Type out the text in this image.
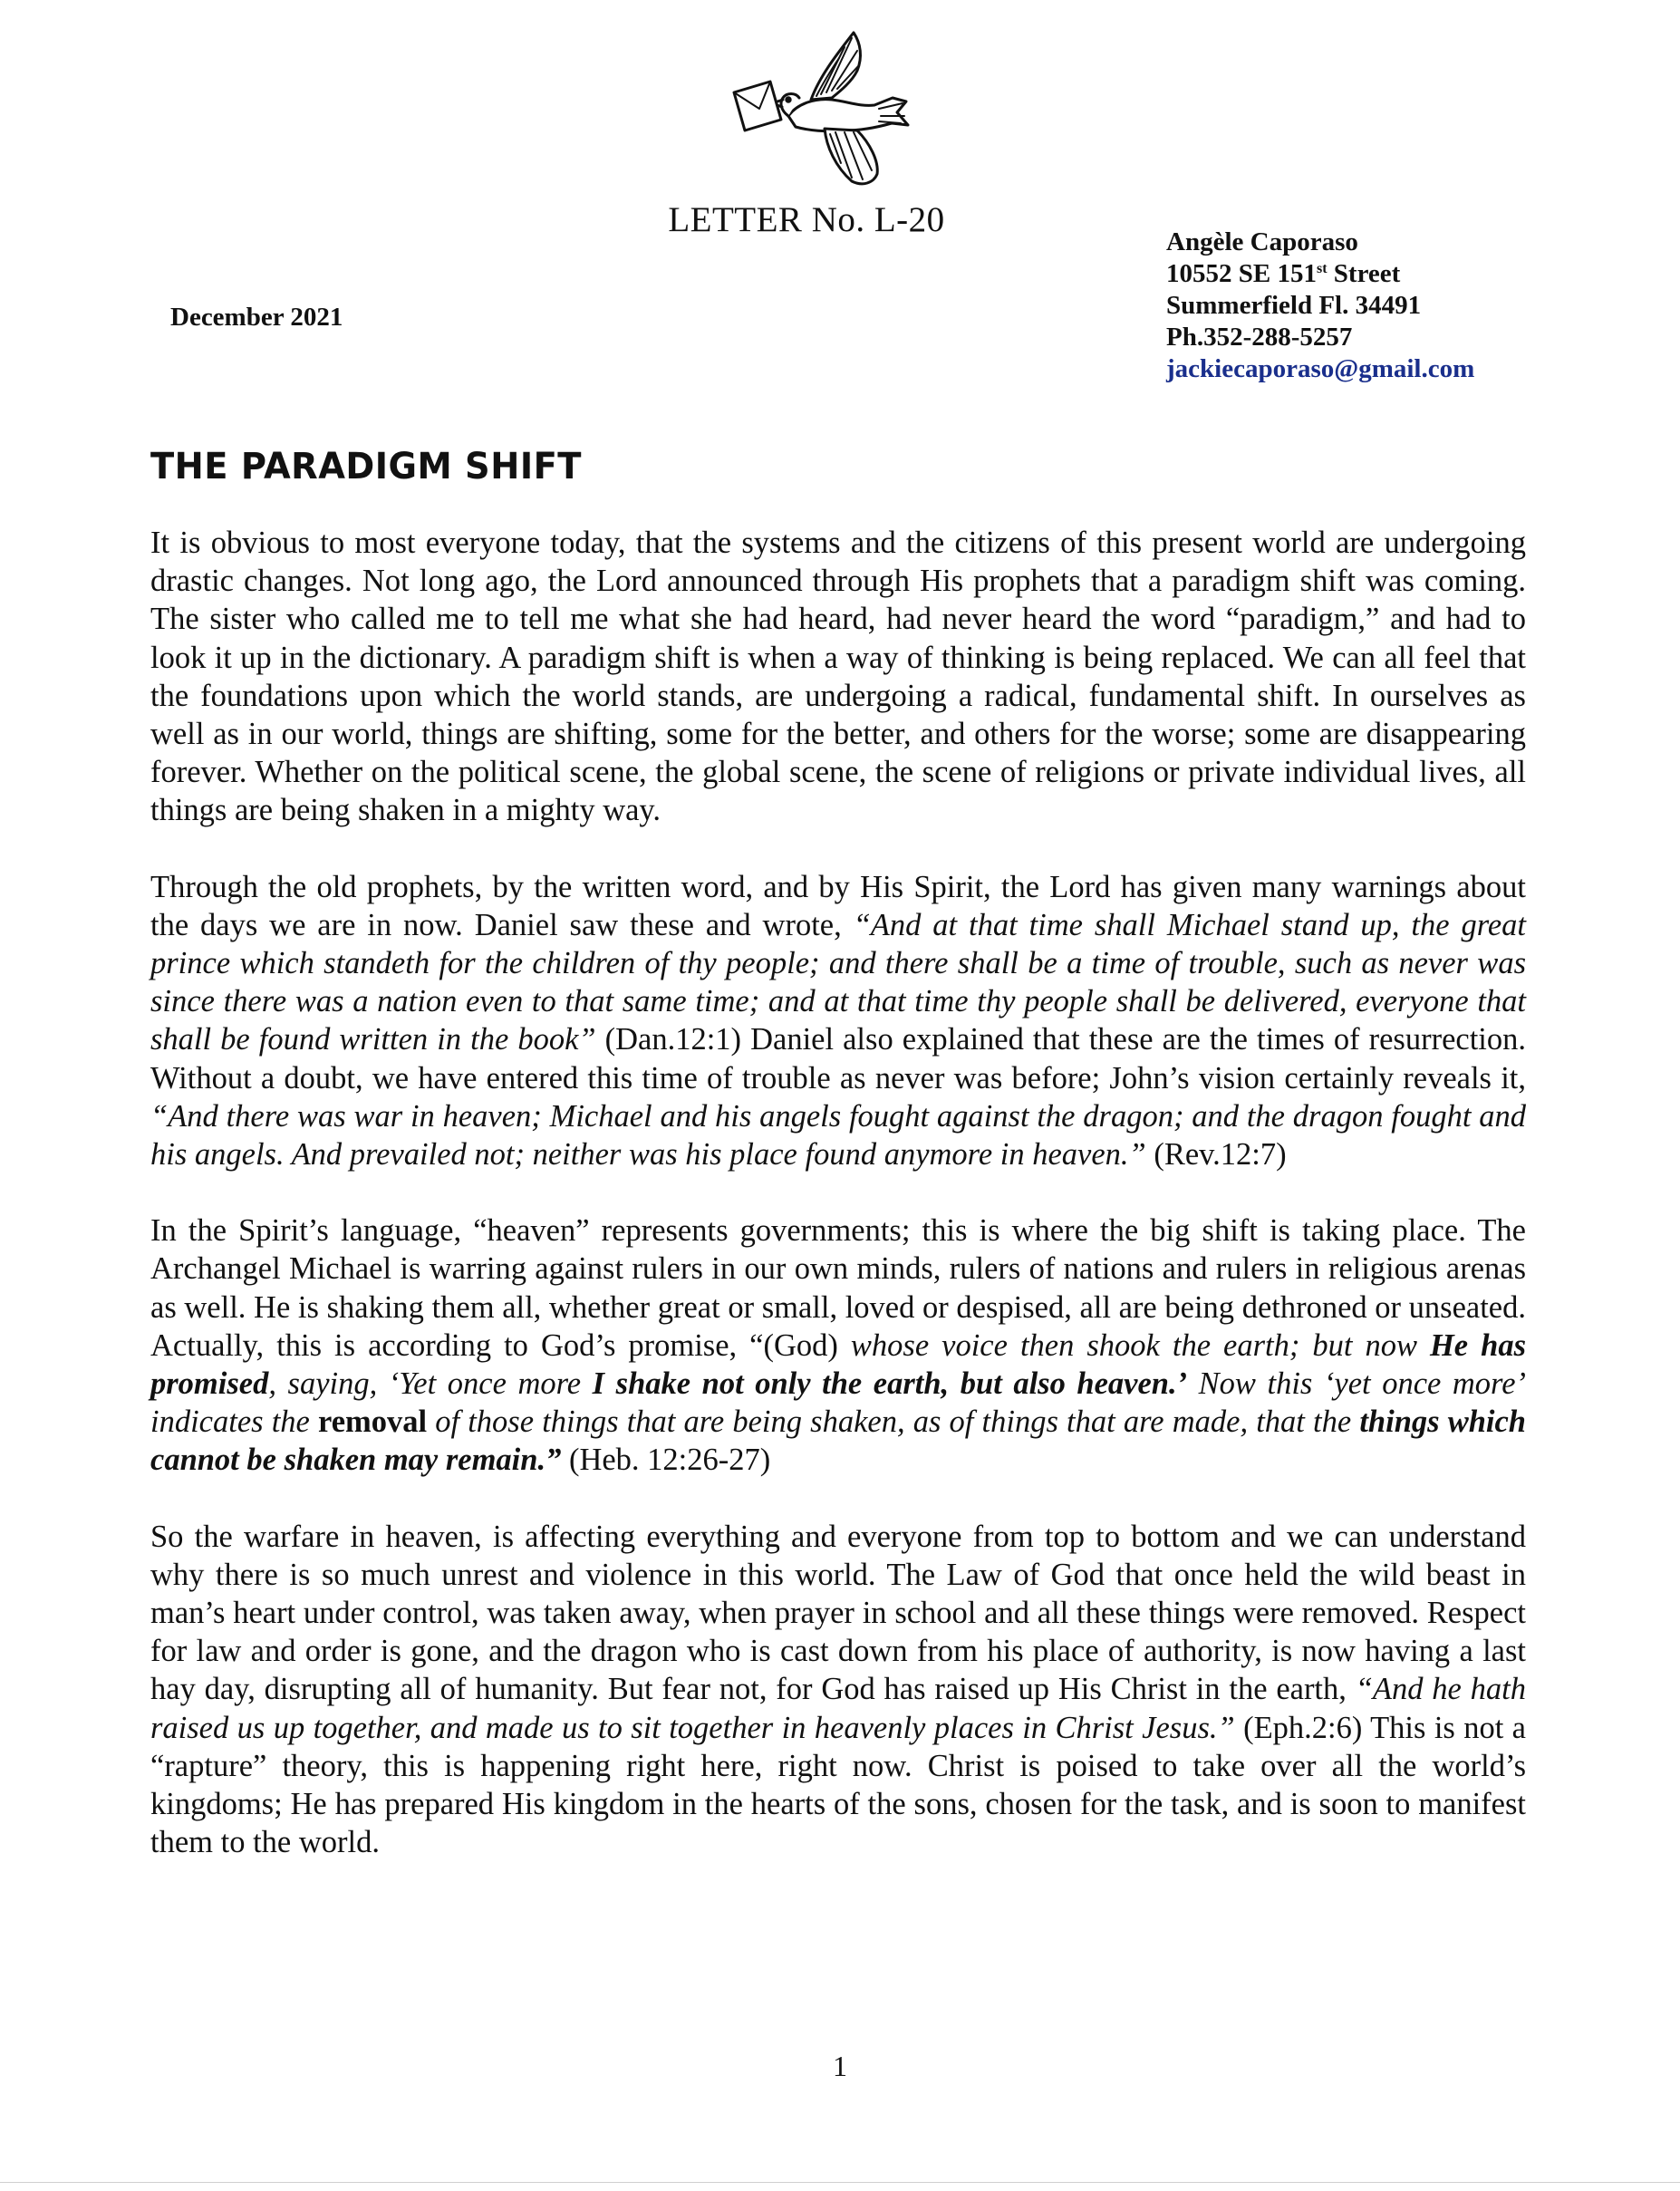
LETTER No. L-20
December 2021
Angèle Caporaso
10552 SE 151st Street
Summerfield Fl. 34491
Ph.352-288-5257
jackiecaporaso@gmail.com
THE PARADIGM SHIFT

It is obvious to most everyone today, that the systems and the citizens of this present world are undergoing drastic changes. Not long ago, the Lord announced through His prophets that a paradigm shift was coming. The sister who called me to tell me what she had heard, had never heard the word “paradigm,” and had to look it up in the dictionary. A paradigm shift is when a way of thinking is being replaced. We can all feel that the foundations upon which the world stands, are undergoing a radical, fundamental shift. In ourselves as well as in our world, things are shifting, some for the better, and others for the worse; some are disappearing forever. Whether on the political scene, the global scene, the scene of religions or private individual lives, all things are being shaken in a mighty way.

Through the old prophets, by the written word, and by His Spirit, the Lord has given many warnings about the days we are in now. Daniel saw these and wrote, “And at that time shall Michael stand up, the great prince which standeth for the children of thy people; and there shall be a time of trouble, such as never was since there was a nation even to that same time; and at that time thy people shall be delivered, everyone that shall be found written in the book” (Dan.12:1) Daniel also explained that these are the times of resurrection. Without a doubt, we have entered this time of trouble as never was before; John’s vision certainly reveals it, “And there was war in heaven; Michael and his angels fought against the dragon; and the dragon fought and his angels. And prevailed not; neither was his place found anymore in heaven.” (Rev.12:7)

In the Spirit’s language, “heaven” represents governments; this is where the big shift is taking place. The Archangel Michael is warring against rulers in our own minds, rulers of nations and rulers in religious arenas as well. He is shaking them all, whether great or small, loved or despised, all are being dethroned or unseated. Actually, this is according to God’s promise, “(God) whose voice then shook the earth; but now He has promised, saying, ‘Yet once more I shake not only the earth, but also heaven.’ Now this ‘yet once more’ indicates the removal of those things that are being shaken, as of things that are made, that the things which cannot be shaken may remain.” (Heb. 12:26-27)

So the warfare in heaven, is affecting everything and everyone from top to bottom and we can understand why there is so much unrest and violence in this world. The Law of God that once held the wild beast in man’s heart under control, was taken away, when prayer in school and all these things were removed. Respect for law and order is gone, and the dragon who is cast down from his place of authority, is now having a last hay day, disrupting all of humanity. But fear not, for God has raised up His Christ in the earth, “And he hath raised us up together, and made us to sit together in heavenly places in Christ Jesus.” (Eph.2:6) This is not a “rapture” theory, this is happening right here, right now. Christ is poised to take over all the world’s kingdoms; He has prepared His kingdom in the hearts of the sons, chosen for the task, and is soon to manifest them to the world.

1
